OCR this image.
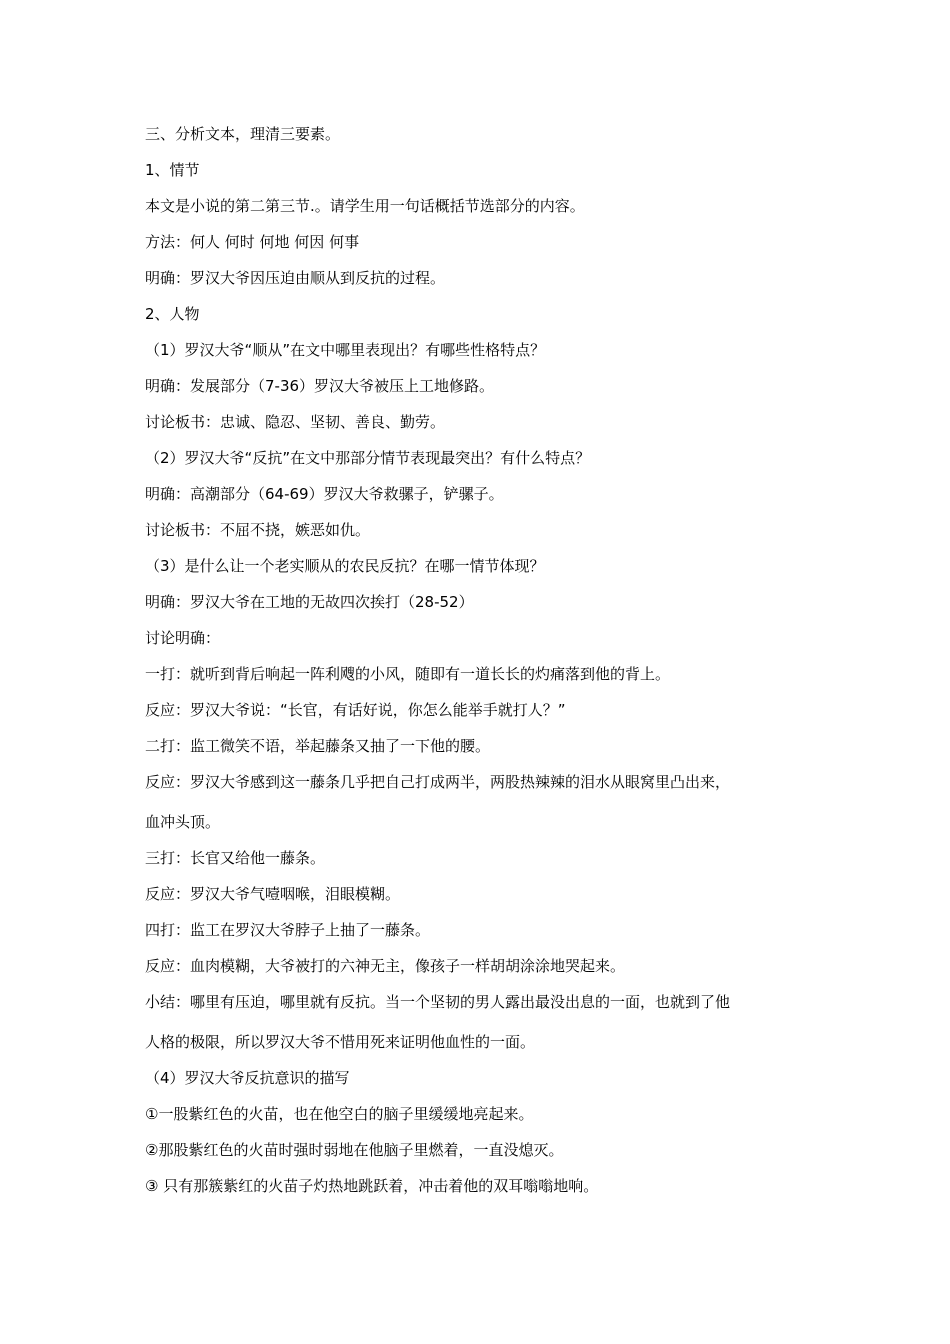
三、分析文本，理清三要素。
1、情节
本文是小说的第二第三节.。请学生用一句话概括节选部分的内容。
方法：何人 何时 何地 何因 何事
明确：罗汉大爷因压迫由顺从到反抗的过程。
2、人物
（1）罗汉大爷“顺从”在文中哪里表现出？有哪些性格特点？
明确：发展部分（7-36）罗汉大爷被压上工地修路。
讨论板书：忠诚、隐忍、坚韧、善良、勤劳。
（2）罗汉大爷“反抗”在文中那部分情节表现最突出？有什么特点？
明确：高潮部分（64-69）罗汉大爷救骡子，铲骡子。
讨论板书：不屈不挠，嫉恶如仇。
（3）是什么让一个老实顺从的农民反抗？在哪一情节体现？
明确：罗汉大爷在工地的无故四次挨打（28-52）
讨论明确：
一打：就听到背后响起一阵利飕的小风，随即有一道长长的灼痛落到他的背上。
反应：罗汉大爷说：“长官，有话好说，你怎么能举手就打人？”
二打：监工微笑不语，举起藤条又抽了一下他的腰。
反应：罗汉大爷感到这一藤条几乎把自己打成两半，两股热辣辣的泪水从眼窝里凸出来，
血冲头顶。
三打：长官又给他一藤条。
反应：罗汉大爷气噎咽喉，泪眼模糊。
四打：监工在罗汉大爷脖子上抽了一藤条。
反应：血肉模糊，大爷被打的六神无主，像孩子一样胡胡涂涂地哭起来。
小结：哪里有压迫，哪里就有反抗。当一个坚韧的男人露出最没出息的一面，也就到了他
人格的极限，所以罗汉大爷不惜用死来证明他血性的一面。
（4）罗汉大爷反抗意识的描写
①一股紫红色的火苗，也在他空白的脑子里缓缓地亮起来。
②那股紫红色的火苗时强时弱地在他脑子里燃着，一直没熄灭。
③ 只有那簇紫红的火苗子灼热地跳跃着，冲击着他的双耳嗡嗡地响。
